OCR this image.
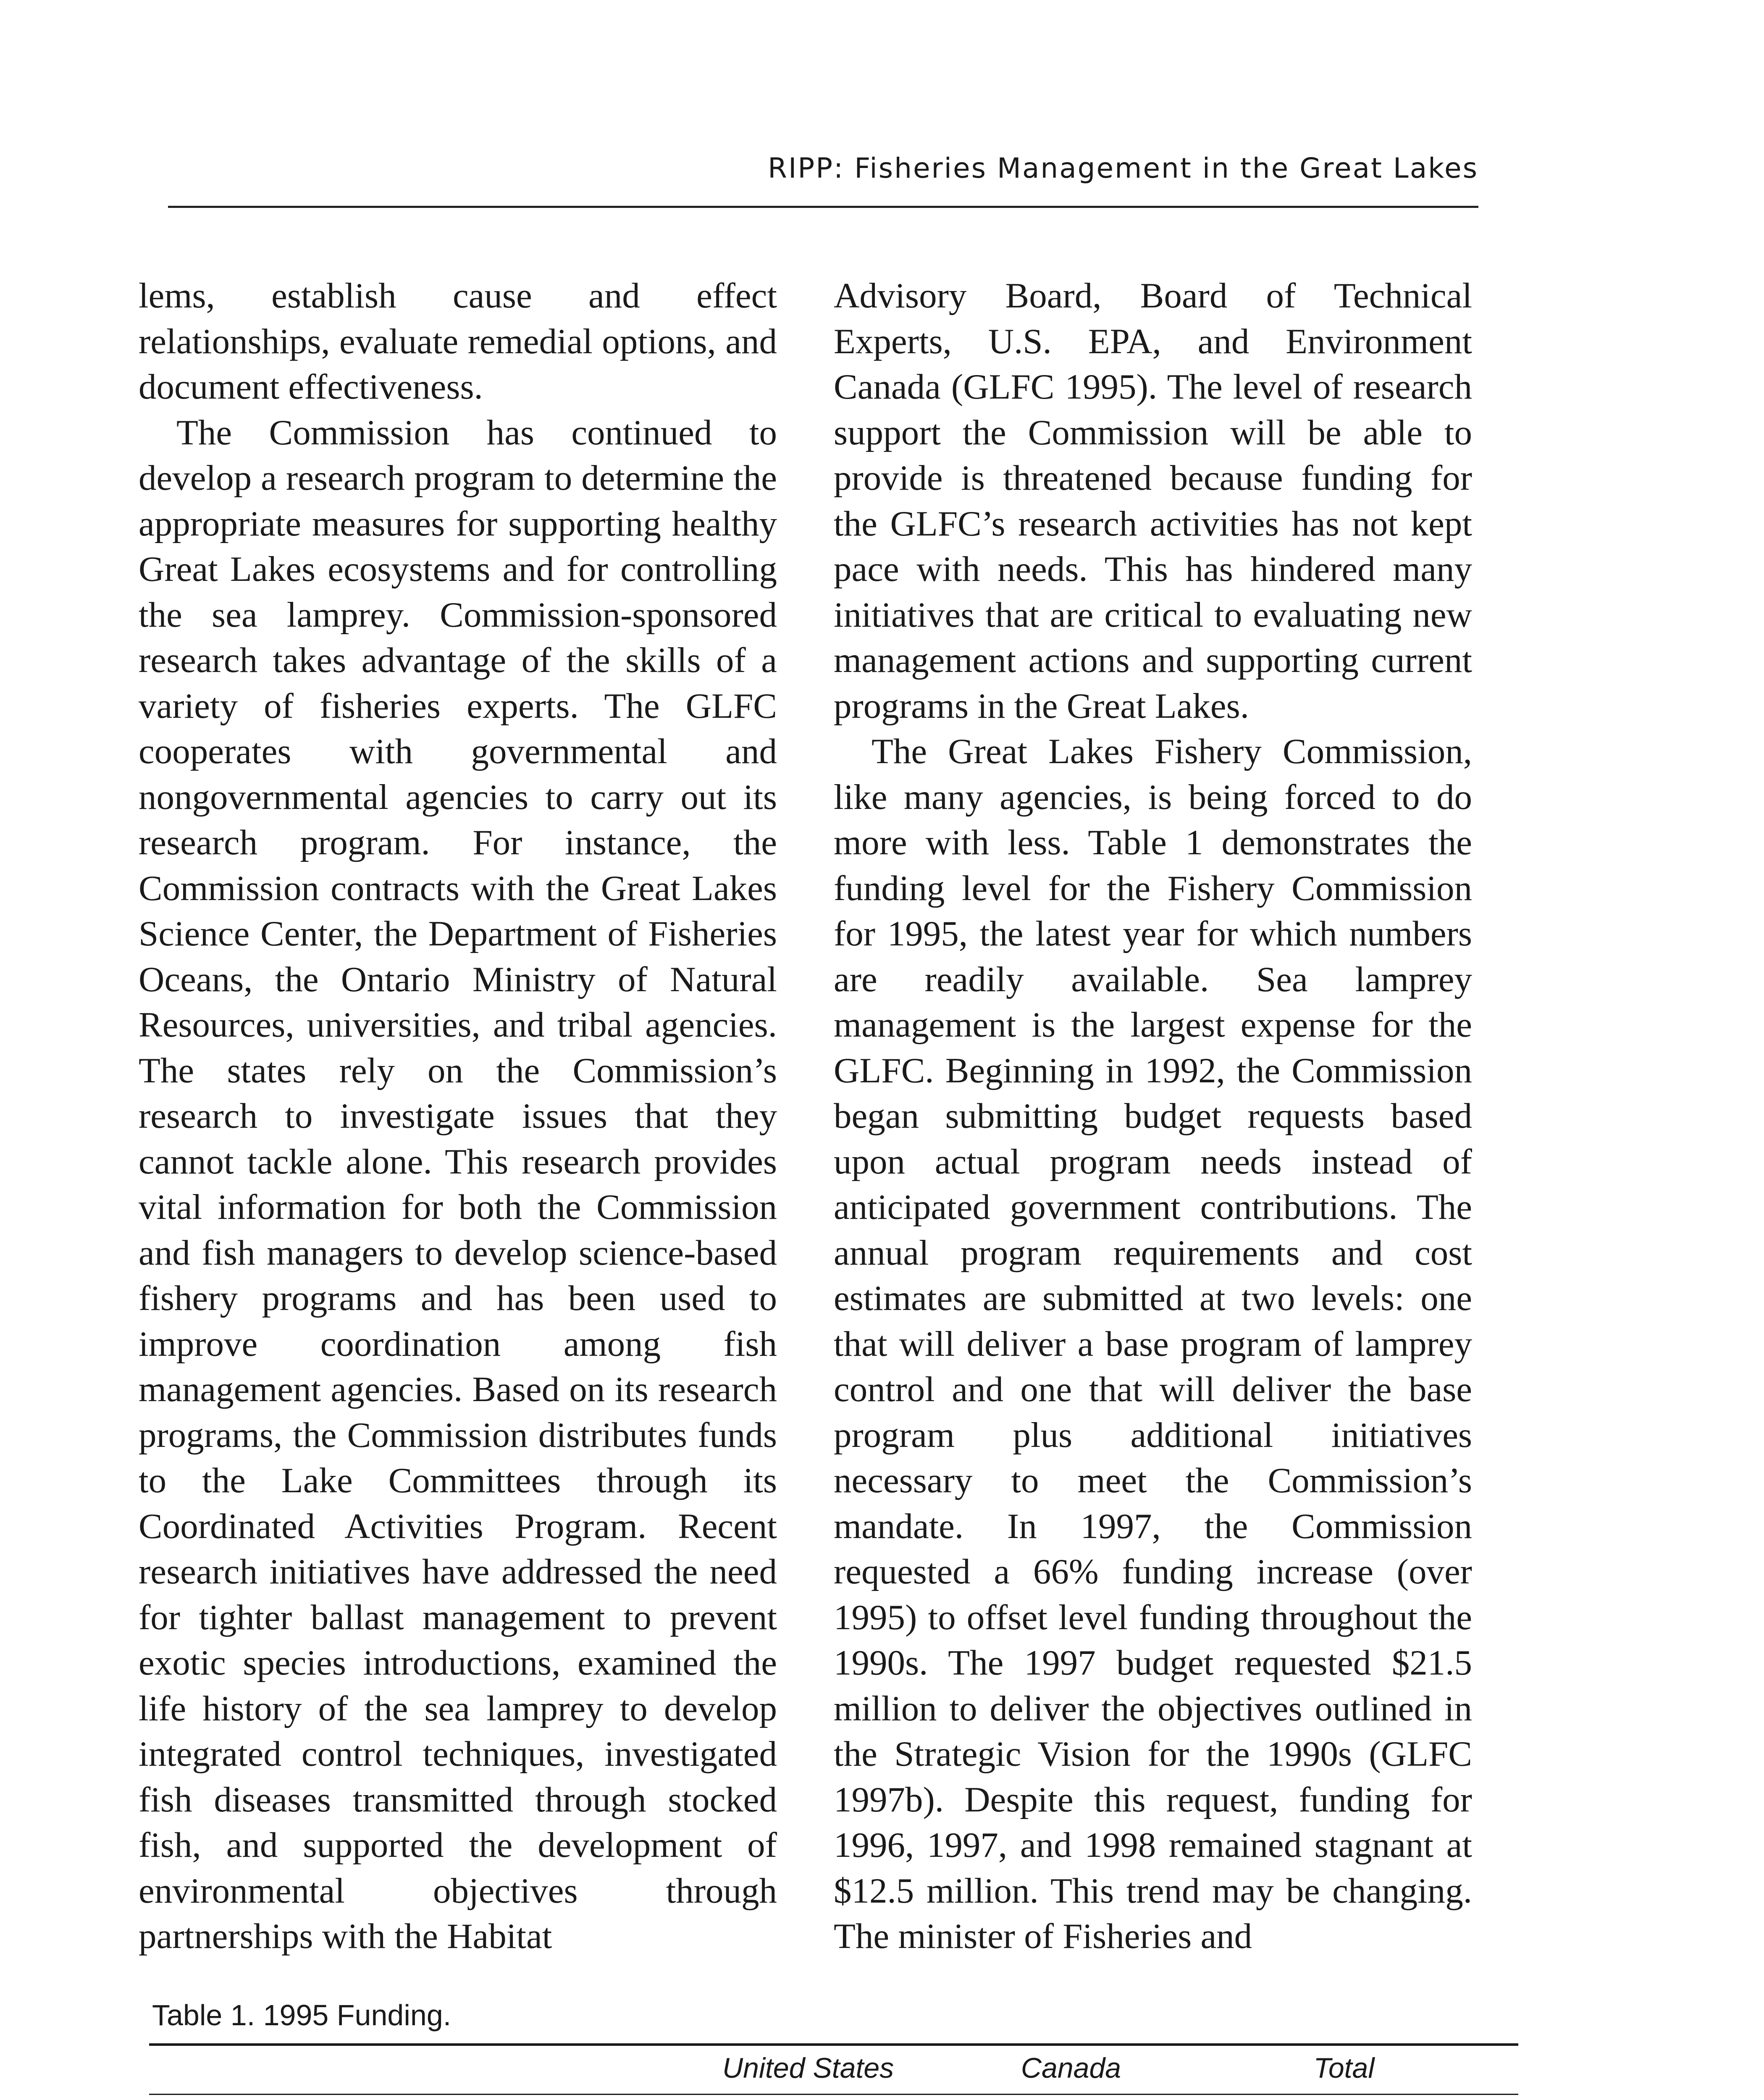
RIPP: Fisheries Management in the Great Lakes

lems, establish cause and effect relationships, evaluate remedial options, and document effectiveness.

The Commission has continued to develop a research program to determine the appropriate measures for supporting healthy Great Lakes ecosystems and for controlling the sea lamprey. Commission-sponsored research takes advantage of the skills of a variety of fisheries experts. The GLFC cooperates with governmental and nongovernmental agencies to carry out its research program. For instance, the Commission contracts with the Great Lakes Science Center, the Department of Fisheries Oceans, the Ontario Ministry of Natural Resources, universities, and tribal agencies. The states rely on the Commission’s research to investigate issues that they cannot tackle alone. This research provides vital information for both the Commission and fish managers to develop science-based fishery programs and has been used to improve coordination among fish management agencies. Based on its research programs, the Commission distributes funds to the Lake Committees through its Coordinated Activities Program. Recent research initiatives have addressed the need for tighter ballast management to prevent exotic species introductions, examined the life history of the sea lamprey to develop integrated control techniques, investigated fish diseases transmitted through stocked fish, and supported the development of environmental objectives through partnerships with the Habitat

Advisory Board, Board of Technical Experts, U.S. EPA, and Environment Canada (GLFC 1995). The level of research support the Commission will be able to provide is threatened because funding for the GLFC’s research activities has not kept pace with needs. This has hindered many initiatives that are critical to evaluating new management actions and supporting current programs in the Great Lakes.

The Great Lakes Fishery Commission, like many agencies, is being forced to do more with less. Table 1 demonstrates the funding level for the Fishery Commission for 1995, the latest year for which numbers are readily available. Sea lamprey management is the largest expense for the GLFC. Beginning in 1992, the Commission began submitting budget requests based upon actual program needs instead of anticipated government contributions. The annual program requirements and cost estimates are submitted at two levels: one that will deliver a base program of lamprey control and one that will deliver the base program plus additional initiatives necessary to meet the Commission’s mandate. In 1997, the Commission requested a 66% funding increase (over 1995) to offset level funding throughout the 1990s. The 1997 budget requested $21.5 million to deliver the objectives outlined in the Strategic Vision for the 1990s (GLFC 1997b). Despite this request, funding for 1996, 1997, and 1998 remained stagnant at $12.5 million. This trend may be changing. The minister of Fisheries and

Table 1. 1995 Funding.
United States	Canada	Total
